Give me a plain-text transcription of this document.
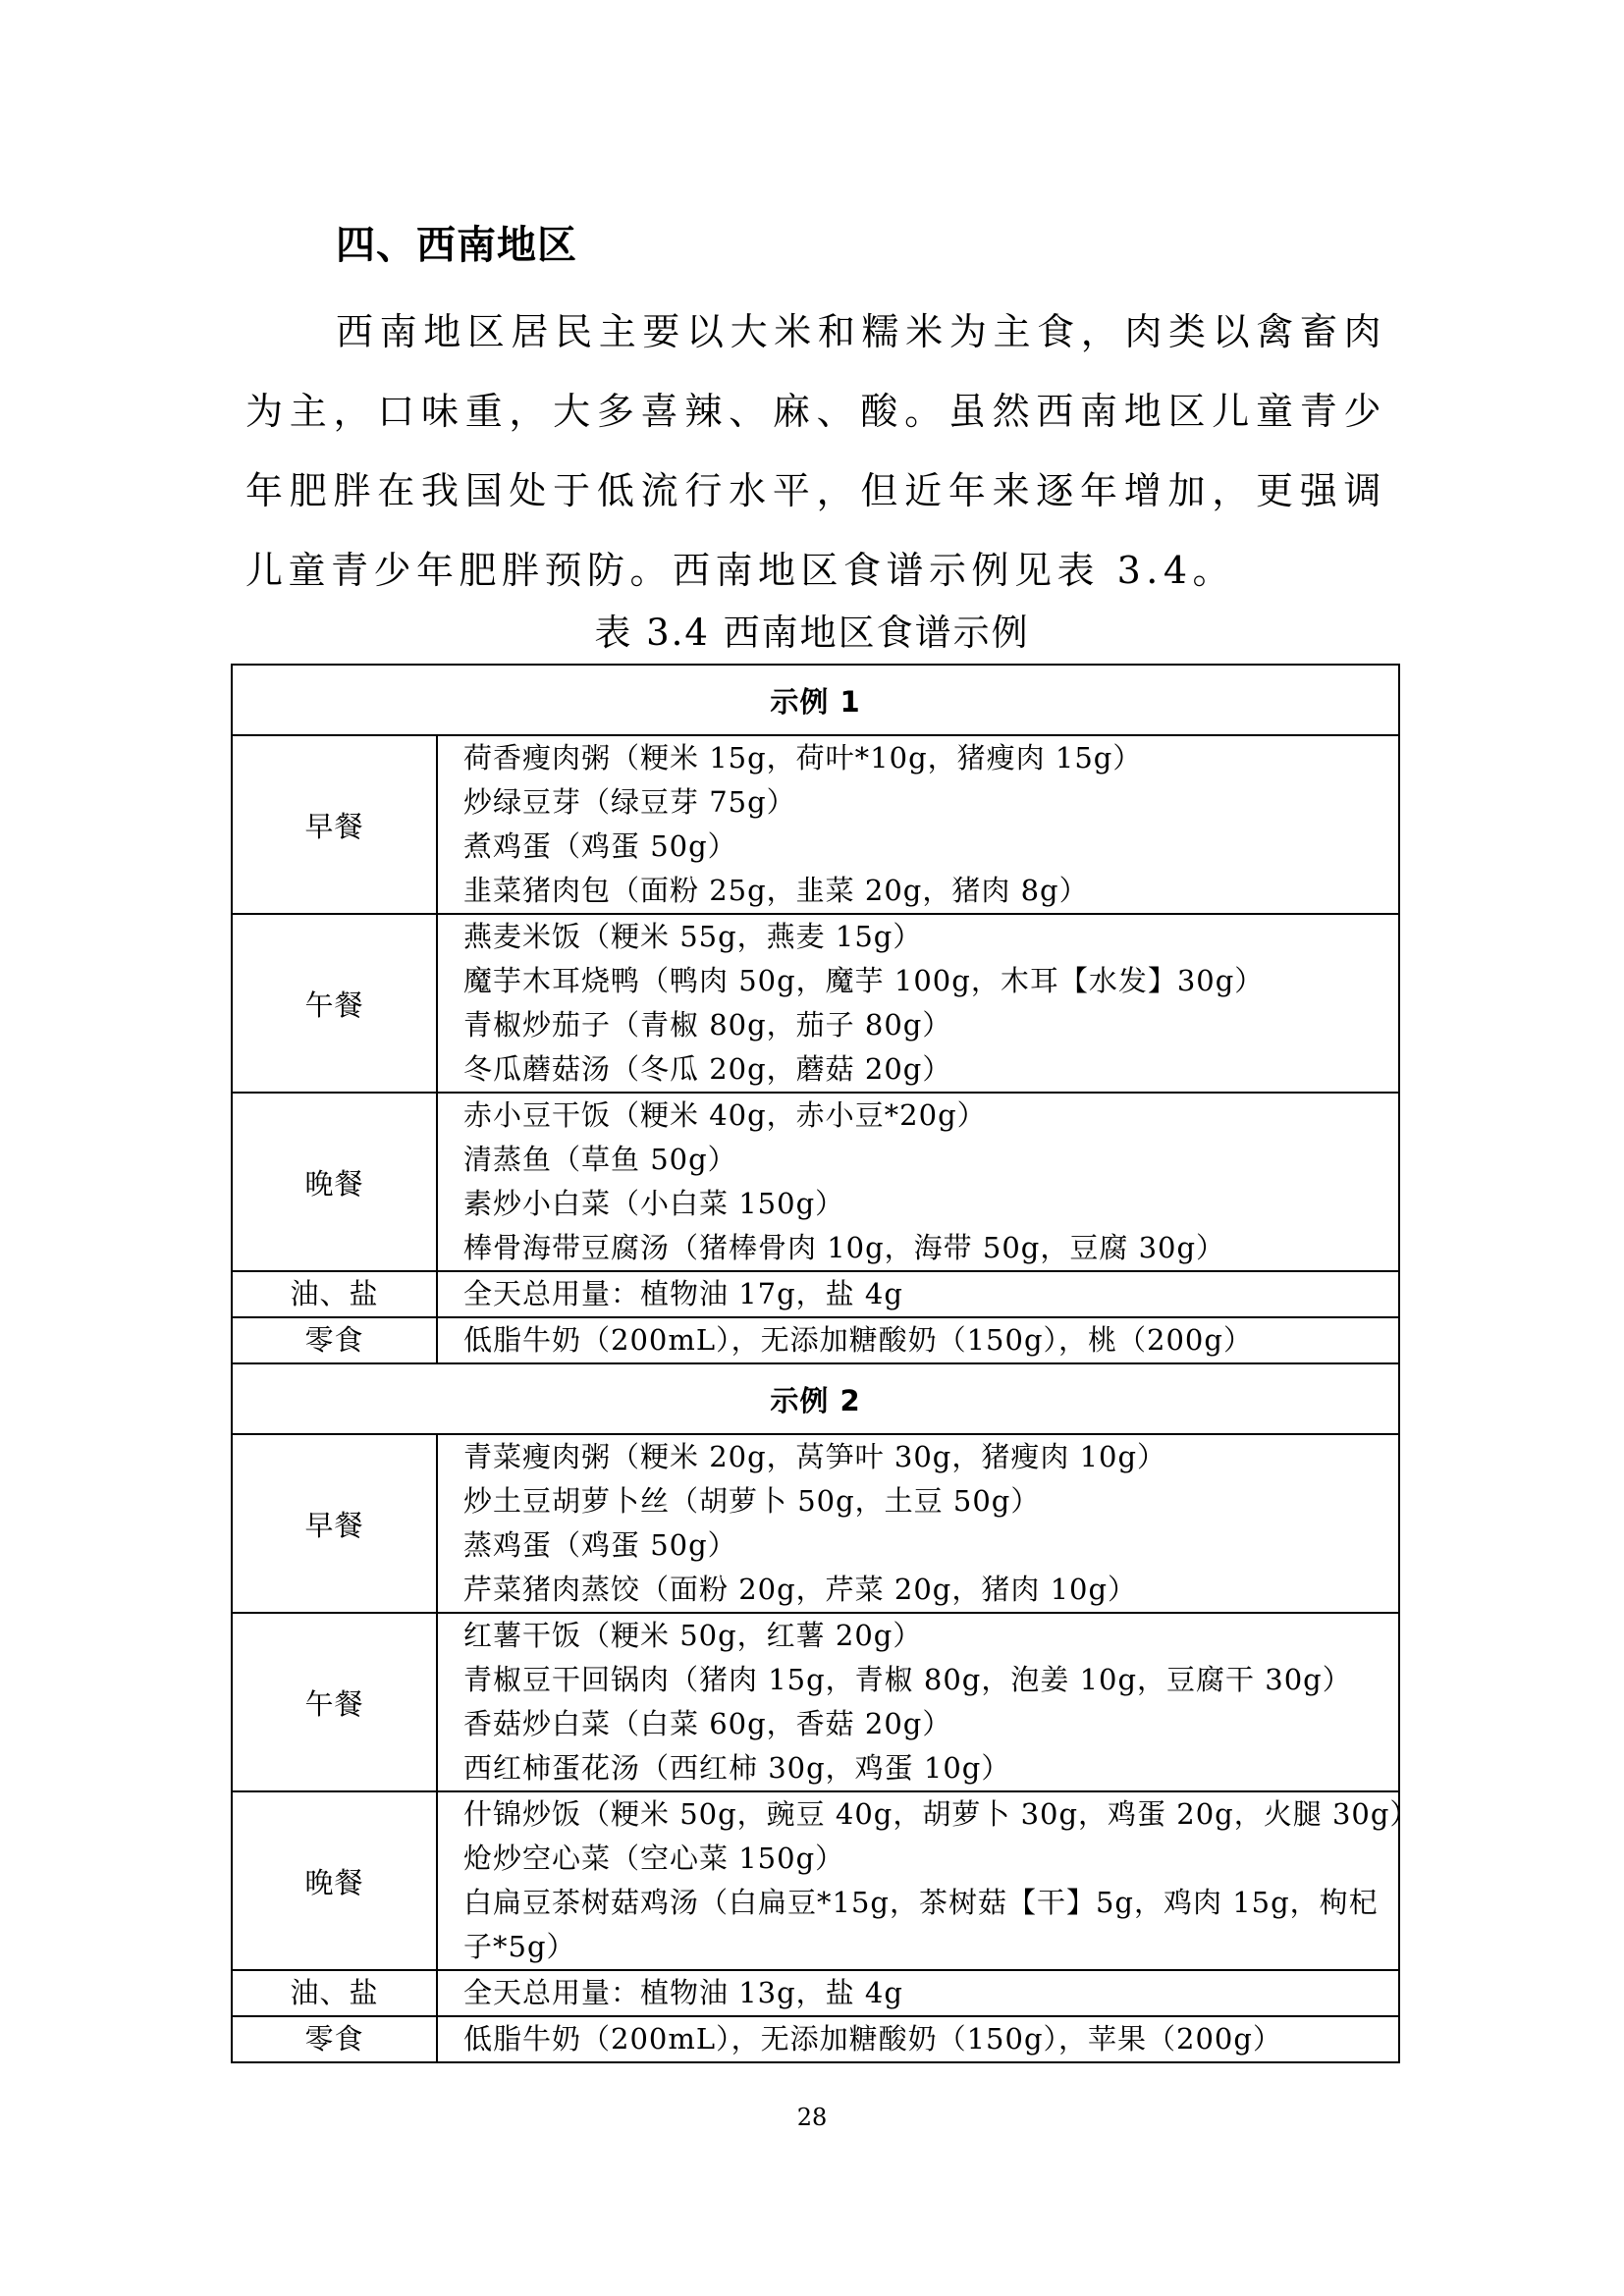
四、西南地区
西南地区居民主要以大米和糯米为主食，肉类以禽畜肉为主，口味重，大多喜辣、麻、酸。虽然西南地区儿童青少年肥胖在我国处于低流行水平，但近年来逐年增加，更强调儿童青少年肥胖预防。西南地区食谱示例见表 3.4。
表 3.4 西南地区食谱示例
示例 1	
早餐	荷香瘦肉粥（粳米 15g，荷叶*10g，猪瘦肉 15g）
炒绿豆芽（绿豆芽 75g）
煮鸡蛋（鸡蛋 50g）
韭菜猪肉包（面粉 25g，韭菜 20g，猪肉 8g）

午餐	燕麦米饭（粳米 55g，燕麦 15g）
魔芋木耳烧鸭（鸭肉 50g，魔芋 100g，木耳【水发】30g）
青椒炒茄子（青椒 80g，茄子 80g）
冬瓜蘑菇汤（冬瓜 20g，蘑菇 20g）

晚餐	赤小豆干饭（粳米 40g，赤小豆*20g）
清蒸鱼（草鱼 50g）
素炒小白菜（小白菜 150g）
棒骨海带豆腐汤（猪棒骨肉 10g，海带 50g，豆腐 30g）

油、盐	全天总用量：植物油 17g，盐 4g
零食	低脂牛奶（200mL），无添加糖酸奶（150g），桃（200g）
示例 2	
早餐	青菜瘦肉粥（粳米 20g，莴笋叶 30g，猪瘦肉 10g）
炒土豆胡萝卜丝（胡萝卜 50g，土豆 50g）
蒸鸡蛋（鸡蛋 50g）
芹菜猪肉蒸饺（面粉 20g，芹菜 20g，猪肉 10g）

午餐	红薯干饭（粳米 50g，红薯 20g）
青椒豆干回锅肉（猪肉 15g，青椒 80g，泡姜 10g，豆腐干 30g）
香菇炒白菜（白菜 60g，香菇 20g）
西红柿蛋花汤（西红柿 30g，鸡蛋 10g）

晚餐	什锦炒饭（粳米 50g，豌豆 40g，胡萝卜 30g，鸡蛋 20g，火腿 30g）
炝炒空心菜（空心菜 150g）
白扁豆茶树菇鸡汤（白扁豆*15g，茶树菇【干】5g，鸡肉 15g，枸杞子*5g）

油、盐	全天总用量：植物油 13g，盐 4g
零食	低脂牛奶（200mL），无添加糖酸奶（150g），苹果（200g）
28
